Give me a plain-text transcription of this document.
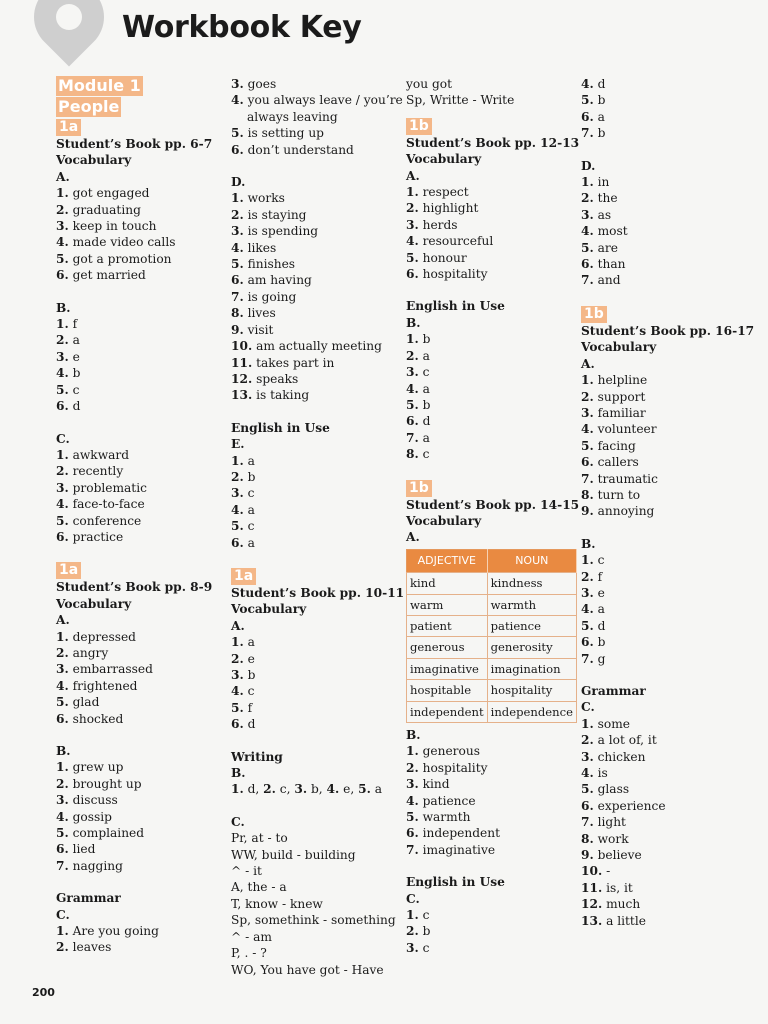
Workbook Key
Module 1
People
1a
Student’s Book pp. 6-7
Vocabulary
A.
1. got engaged
2. graduating
3. keep in touch
4. made video calls
5. got a promotion
6. get married
B.
1. f
2. a
3. e
4. b
5. c
6. d
C.
1. awkward
2. recently
3. problematic
4. face-to-face
5. conference
6. practice
1a
Student’s Book pp. 8-9
Vocabulary
A.
1. depressed
2. angry
3. embarrassed
4. frightened
5. glad
6. shocked
B.
1. grew up
2. brought up
3. discuss
4. gossip
5. complained
6. lied
7. nagging
Grammar
C.
1. Are you going
2. leaves
3. goes
4. you always leave / you’re
always leaving
5. is setting up
6. don’t understand
D.
1. works
2. is staying
3. is spending
4. likes
5. finishes
6. am having
7. is going
8. lives
9. visit
10. am actually meeting
11. takes part in
12. speaks
13. is taking
English in Use
E.
1. a
2. b
3. c
4. a
5. c
6. a
1a
Student’s Book pp. 10-11
Vocabulary
A.
1. a
2. e
3. b
4. c
5. f
6. d
Writing
B.
1. d, 2. c, 3. b, 4. e, 5. a
C.
Pr, at - to
WW, build - building
^ - it
A, the - a
T, know - knew
Sp, somethink - something
^ - am
P, . - ?
WO, You have got - Have
you got
Sp, Writte - Write
1b
Student’s Book pp. 12-13
Vocabulary
A.
1. respect
2. highlight
3. herds
4. resourceful
5. honour
6. hospitality
English in Use
B.
1. b
2. a
3. c
4. a
5. b
6. d
7. a
8. c
1b
Student’s Book pp. 14-15
Vocabulary
A.
ADJECTIVE	NOUN
kind	kindness
warm	warmth
patient	patience
generous	generosity
imaginative	imagination
hospitable	hospitality
independent	independence
B.
1. generous
2. hospitality
3. kind
4. patience
5. warmth
6. independent
7. imaginative
English in Use
C.
1. c
2. b
3. c
4. d
5. b
6. a
7. b
D.
1. in
2. the
3. as
4. most
5. are
6. than
7. and
1b
Student’s Book pp. 16-17
Vocabulary
A.
1. helpline
2. support
3. familiar
4. volunteer
5. facing
6. callers
7. traumatic
8. turn to
9. annoying
B.
1. c
2. f
3. e
4. a
5. d
6. b
7. g
Grammar
C.
1. some
2. a lot of, it
3. chicken
4. is
5. glass
6. experience
7. light
8. work
9. believe
10. -
11. is, it
12. much
13. a little
200
